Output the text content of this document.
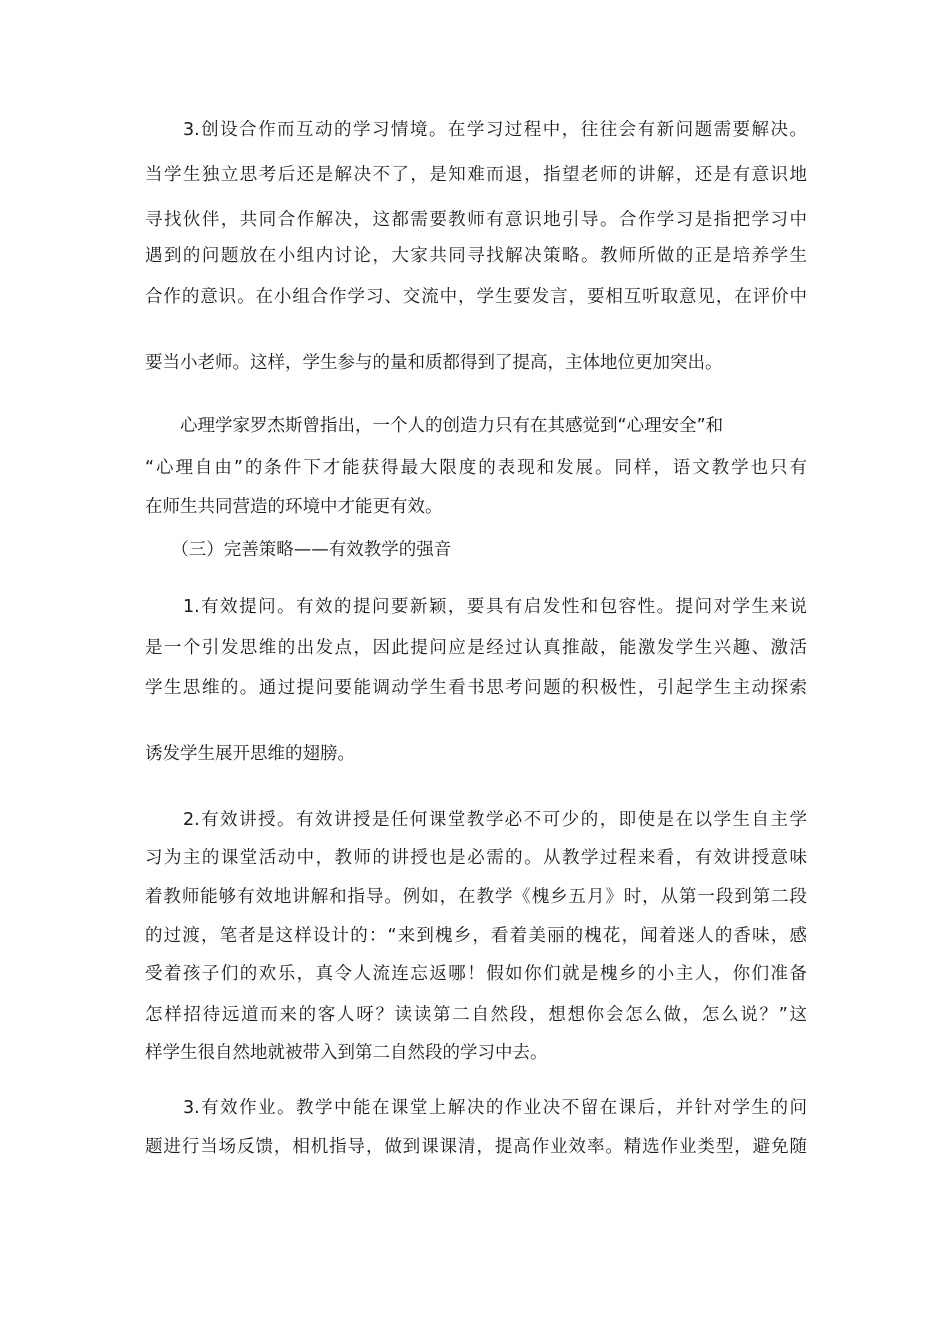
　　3.创设合作而互动的学习情境。在学习过程中，往往会有新问题需要解决。
当学生独立思考后还是解决不了，是知难而退，指望老师的讲解，还是有意识地
寻找伙伴，共同合作解决，这都需要教师有意识地引导。合作学习是指把学习中
遇到的问题放在小组内讨论，大家共同寻找解决策略。教师所做的正是培养学生
合作的意识。在小组合作学习、交流中，学生要发言，要相互听取意见，在评价中
要当小老师。这样，学生参与的量和质都得到了提高，主体地位更加突出。
　　心理学家罗杰斯曾指出，一个人的创造力只有在其感觉到“心理安全”和
“心理自由”的条件下才能获得最大限度的表现和发展。同样，语文教学也只有
在师生共同营造的环境中才能更有效。
　　（三）完善策略——有效教学的强音
　　1.有效提问。有效的提问要新颖，要具有启发性和包容性。提问对学生来说
是一个引发思维的出发点，因此提问应是经过认真推敲，能激发学生兴趣、激活
学生思维的。通过提问要能调动学生看书思考问题的积极性，引起学生主动探索
诱发学生展开思维的翅膀。
　　2.有效讲授。有效讲授是任何课堂教学必不可少的，即使是在以学生自主学
习为主的课堂活动中，教师的讲授也是必需的。从教学过程来看，有效讲授意味
着教师能够有效地讲解和指导。例如，在教学《槐乡五月》时，从第一段到第二段
的过渡，笔者是这样设计的：“来到槐乡，看着美丽的槐花，闻着迷人的香味，感
受着孩子们的欢乐，真令人流连忘返哪！假如你们就是槐乡的小主人，你们准备
怎样招待远道而来的客人呀？读读第二自然段，想想你会怎么做，怎么说？”这
样学生很自然地就被带入到第二自然段的学习中去。
　　3.有效作业。教学中能在课堂上解决的作业决不留在课后，并针对学生的问
题进行当场反馈，相机指导，做到课课清，提高作业效率。精选作业类型，避免随
